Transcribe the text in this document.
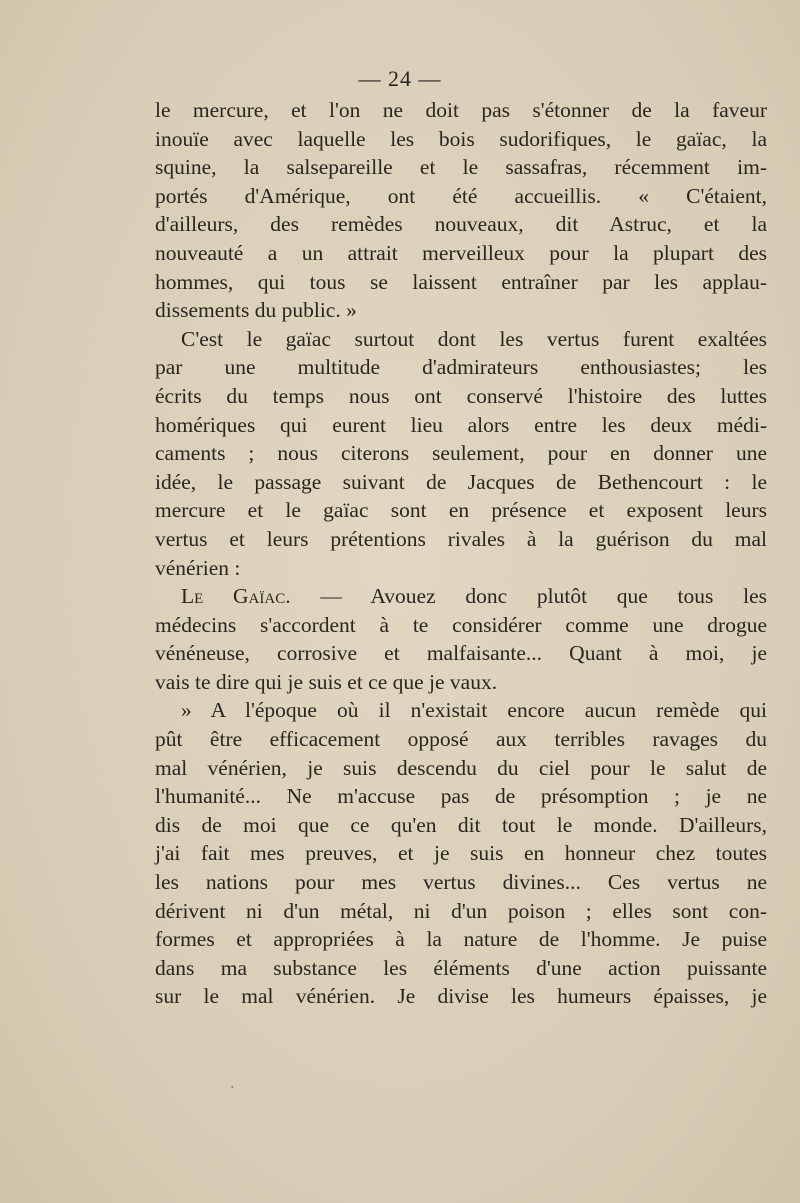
— 24 —
le mercure, et l'on ne doit pas s'étonner de la faveur
inouïe avec laquelle les bois sudorifiques, le gaïac, la
squine, la salsepareille et le sassafras, récemment im-
portés d'Amérique, ont été accueillis. « C'étaient,
d'ailleurs, des remèdes nouveaux, dit Astruc, et la
nouveauté a un attrait merveilleux pour la plupart des
hommes, qui tous se laissent entraîner par les applau-
dissements du public. »
C'est le gaïac surtout dont les vertus furent exaltées
par une multitude d'admirateurs enthousiastes; les
écrits du temps nous ont conservé l'histoire des luttes
homériques qui eurent lieu alors entre les deux médi-
caments ; nous citerons seulement, pour en donner une
idée, le passage suivant de Jacques de Bethencourt : le
mercure et le gaïac sont en présence et exposent leurs
vertus et leurs prétentions rivales à la guérison du mal
vénérien :
Le Gaïac. — Avouez donc plutôt que tous les
médecins s'accordent à te considérer comme une drogue
vénéneuse, corrosive et malfaisante... Quant à moi, je
vais te dire qui je suis et ce que je vaux.
» A l'époque où il n'existait encore aucun remède qui
pût être efficacement opposé aux terribles ravages du
mal vénérien, je suis descendu du ciel pour le salut de
l'humanité... Ne m'accuse pas de présomption ; je ne
dis de moi que ce qu'en dit tout le monde. D'ailleurs,
j'ai fait mes preuves, et je suis en honneur chez toutes
les nations pour mes vertus divines... Ces vertus ne
dérivent ni d'un métal, ni d'un poison ; elles sont con-
formes et appropriées à la nature de l'homme. Je puise
dans ma substance les éléments d'une action puissante
sur le mal vénérien. Je divise les humeurs épaisses, je
‧
